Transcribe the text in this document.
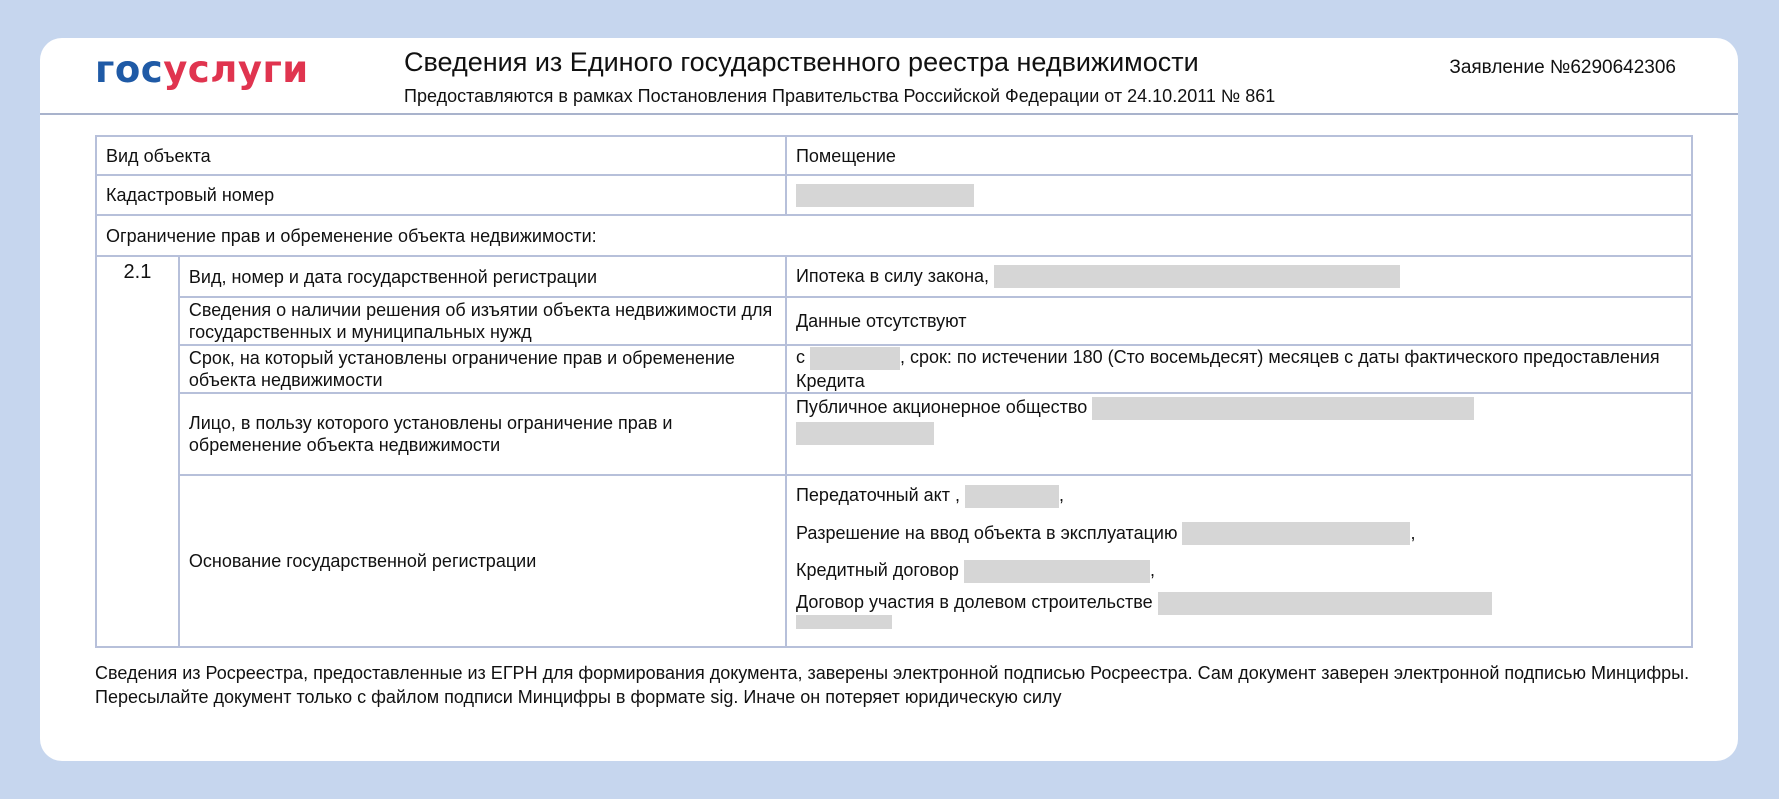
госуслуги	Сведения из Единого государственного реестра недвижимости
Предоставляются в рамках Постановления Правительства Российской Федерации от 24.10.2011 № 861
Заявление №6290642306
Вид объекта		Помещение
Кадастровый номер		
Ограничение прав и обременение объекта недвижимости:		
2.1	Вид, номер и дата государственной регистрации	Ипотека в силу закона,
	Сведения о наличии решения об изъятии объекта недвижимости для государственных и муниципальных нужд	Данные отсутствуют
	Срок, на который установлены ограничение прав и обременение объекта недвижимости	с , срок: по истечении 180 (Сто восемьдесят) месяцев с даты фактического предоставления Кредита
	Лицо, в пользу которого установлены ограничение прав и обременение объекта недвижимости	Публичное акционерное общество

	Основание государственной регистрации	Передаточный акт , ,
Разрешение на ввод объекта в эксплуатацию ,
Кредитный договор ,
Договор участия в долевом строительстве
Сведения из Росреестра, предоставленные из ЕГРН для формирования документа, заверены электронной подписью Росреестра. Сам документ заверен электронной подписью Минцифры. Пересылайте документ только с файлом подписи Минцифры в формате sig. Иначе он потеряет юридическую силу
